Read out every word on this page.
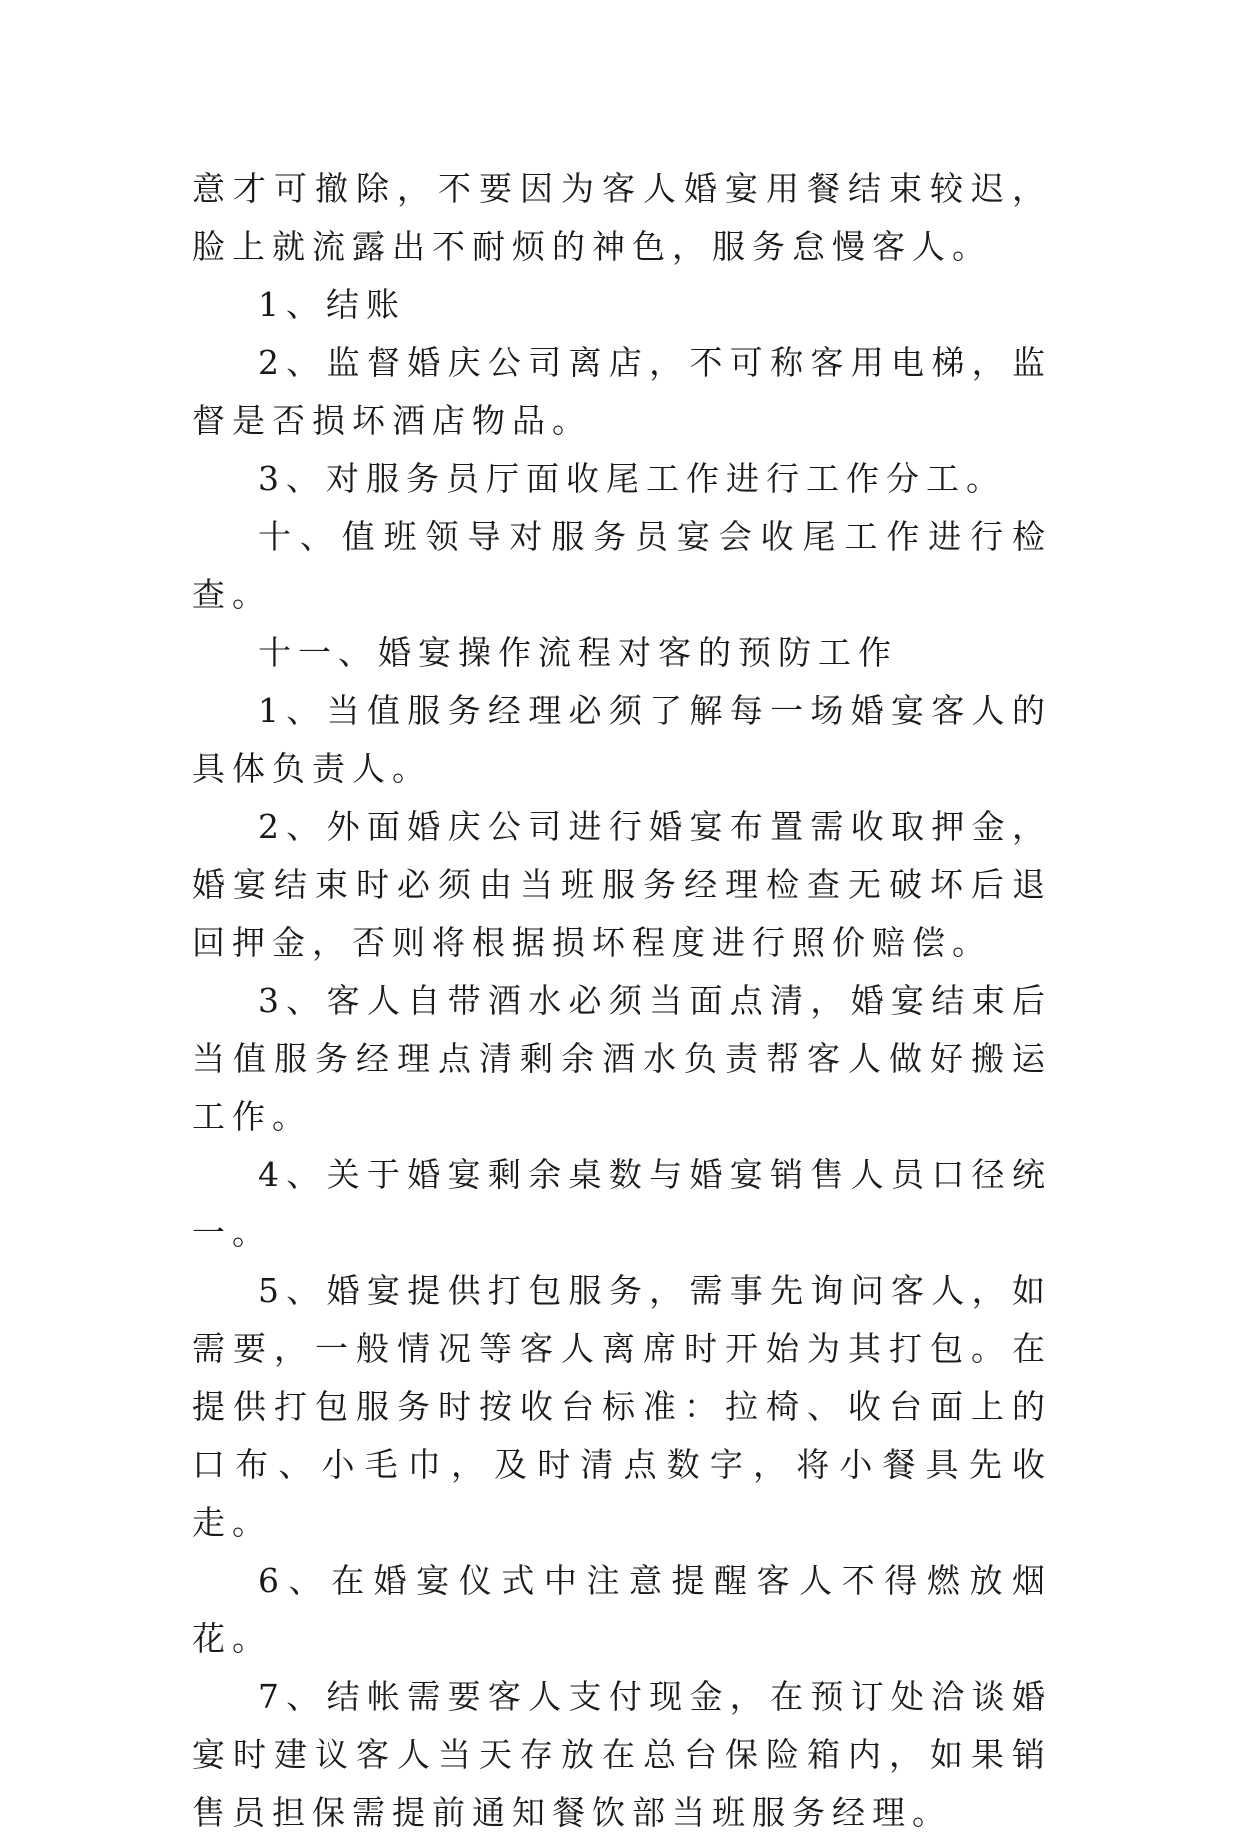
意才可撤除，不要因为客人婚宴用餐结束较迟，脸上就流露出不耐烦的神色，服务怠慢客人。

1、结账

2、监督婚庆公司离店，不可称客用电梯，监督是否损坏酒店物品。

3、对服务员厅面收尾工作进行工作分工。

十、值班领导对服务员宴会收尾工作进行检查。

十一、婚宴操作流程对客的预防工作

1、当值服务经理必须了解每一场婚宴客人的具体负责人。

2、外面婚庆公司进行婚宴布置需收取押金，婚宴结束时必须由当班服务经理检查无破坏后退回押金，否则将根据损坏程度进行照价赔偿。

3、客人自带酒水必须当面点清，婚宴结束后当值服务经理点清剩余酒水负责帮客人做好搬运工作。

4、关于婚宴剩余桌数与婚宴销售人员口径统一。

5、婚宴提供打包服务，需事先询问客人，如需要，一般情况等客人离席时开始为其打包。在提供打包服务时按收台标准：拉椅、收台面上的口布、小毛巾，及时清点数字，将小餐具先收走。

6、在婚宴仪式中注意提醒客人不得燃放烟花。

7、结帐需要客人支付现金，在预订处洽谈婚宴时建议客人当天存放在总台保险箱内，如果销售员担保需提前通知餐饮部当班服务经理。
